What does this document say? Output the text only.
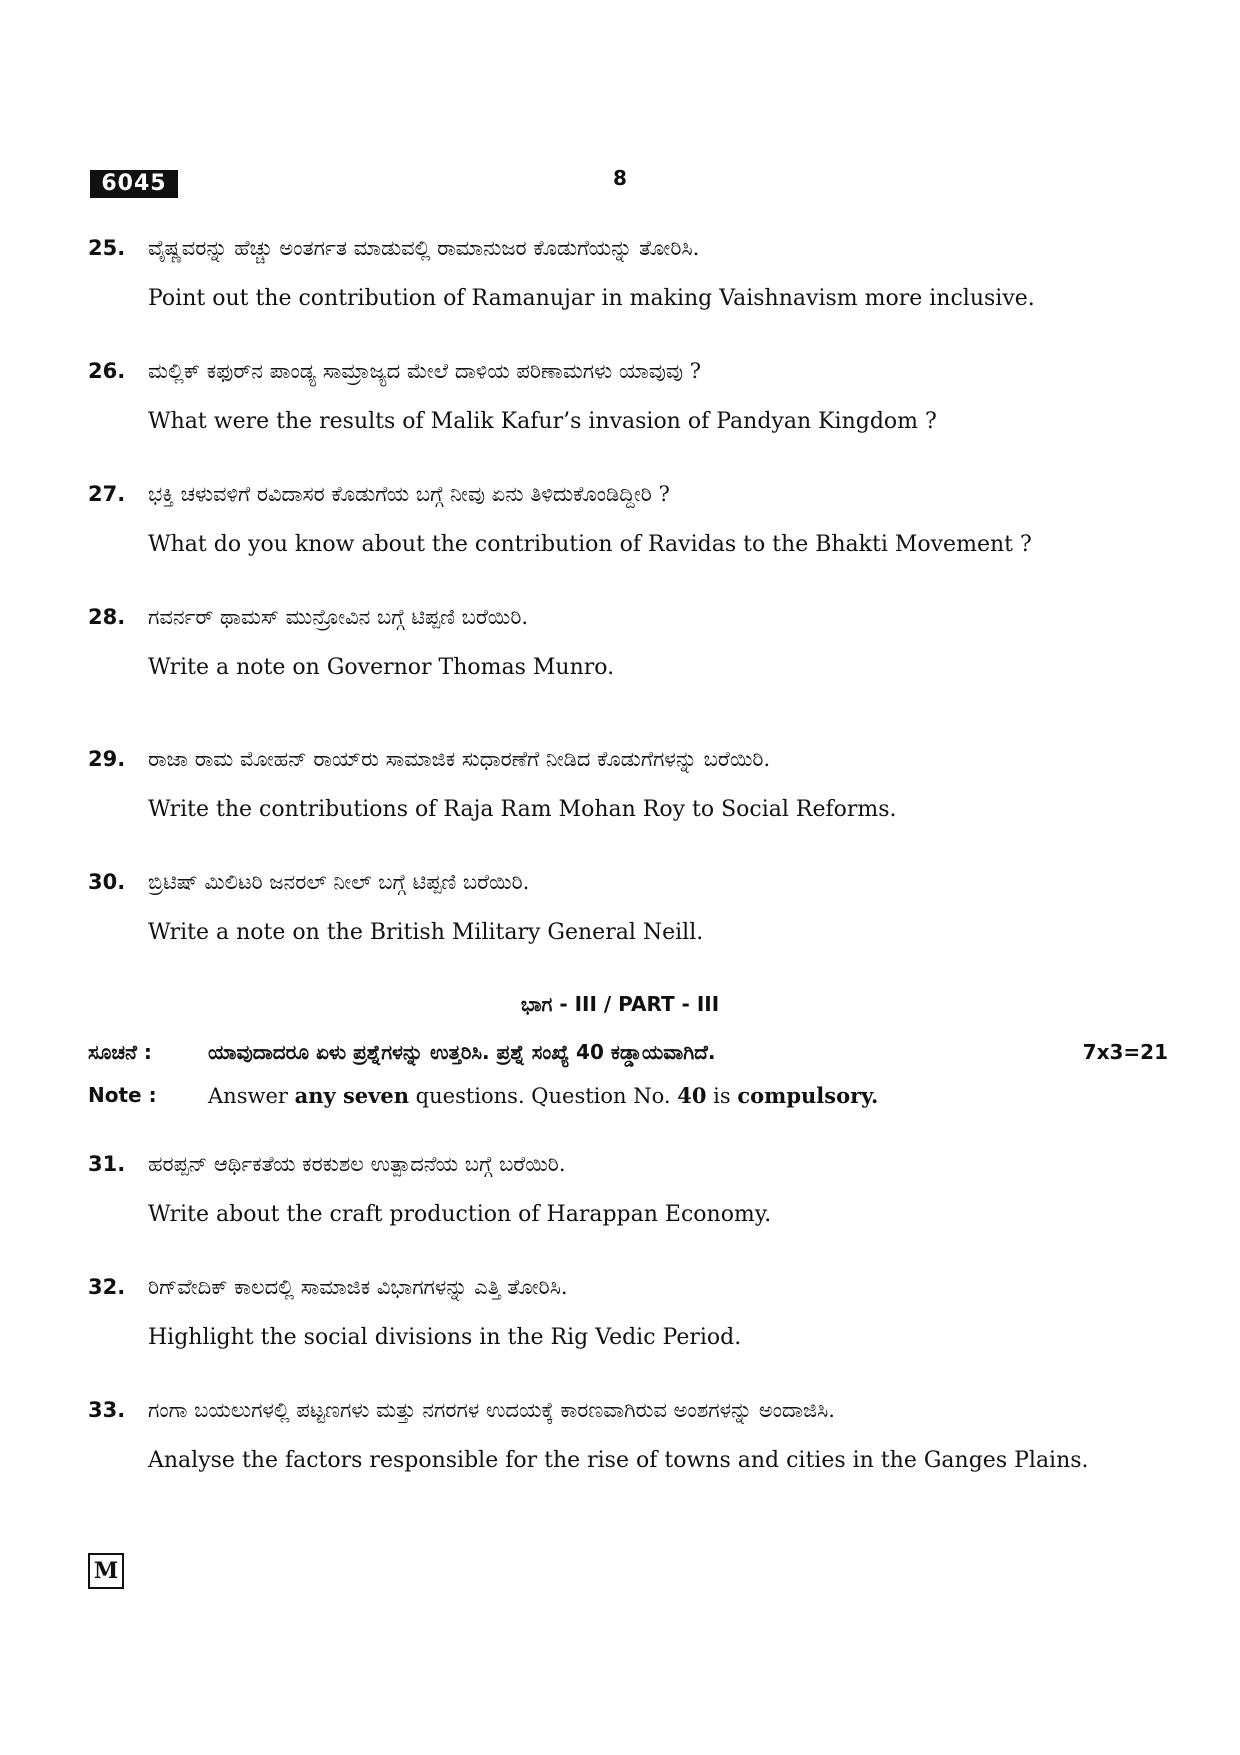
6045	8
25. ವೈಷ್ಣವರನ್ನು ಹೆಚ್ಚು ಅಂತರ್ಗತ ಮಾಡುವಲ್ಲಿ ರಾಮಾನುಜರ ಕೊಡುಗೆಯನ್ನು ತೋರಿಸಿ.
Point out the contribution of Ramanujar in making Vaishnavism more inclusive.
26. ಮಲ್ಲಿಕ್ ಕಫುರ್‌ನ ಪಾಂಡ್ಯ ಸಾಮ್ರಾಜ್ಯದ ಮೇಲೆ ದಾಳಿಯ ಪರಿಣಾಮಗಳು ಯಾವುವು ?
What were the results of Malik Kafur’s invasion of Pandyan Kingdom ?
27. ಭಕ್ತಿ ಚಳುವಳಿಗೆ ರವಿದಾಸರ ಕೊಡುಗೆಯ ಬಗ್ಗೆ ನೀವು ಏನು ತಿಳಿದುಕೊಂಡಿದ್ದೀರಿ ?
What do you know about the contribution of Ravidas to the Bhakti Movement ?
28. ಗವರ್ನರ್ ಥಾಮಸ್ ಮುನ್ರೋವಿನ ಬಗ್ಗೆ ಟಿಪ್ಪಣಿ ಬರೆಯಿರಿ.
Write a note on Governor Thomas Munro.
29. ರಾಜಾ ರಾಮ ಮೋಹನ್ ರಾಯ್‌ರು ಸಾಮಾಜಿಕ ಸುಧಾರಣೆಗೆ ನೀಡಿದ ಕೊಡುಗೆಗಳನ್ನು ಬರೆಯಿರಿ.
Write the contributions of Raja Ram Mohan Roy to Social Reforms.
30. ಬ್ರಿಟಿಷ್ ಮಿಲಿಟರಿ ಜನರಲ್ ನೀಲ್ ಬಗ್ಗೆ ಟಿಪ್ಪಣಿ ಬರೆಯಿರಿ.
Write a note on the British Military General Neill.
ಭಾಗ - III / PART - III
ಸೂಚನೆ :	ಯಾವುದಾದರೂ ಏಳು ಪ್ರಶ್ನೆಗಳನ್ನು ಉತ್ತರಿಸಿ. ಪ್ರಶ್ನೆ ಸಂಖ್ಯೆ 40 ಕಡ್ಡಾಯವಾಗಿದೆ.	7x3=21
Note : Answer any seven questions. Question No. 40 is compulsory.
31. ಹರಪ್ಪನ್ ಆರ್ಥಿಕತೆಯ ಕರಕುಶಲ ಉತ್ಪಾದನೆಯ ಬಗ್ಗೆ ಬರೆಯಿರಿ.
Write about the craft production of Harappan Economy.
32. ರಿಗ್‌ವೇದಿಕ್ ಕಾಲದಲ್ಲಿ ಸಾಮಾಜಿಕ ವಿಭಾಗಗಳನ್ನು ಎತ್ತಿ ತೋರಿಸಿ.
Highlight the social divisions in the Rig Vedic Period.
33. ಗಂಗಾ ಬಯಲುಗಳಲ್ಲಿ ಪಟ್ಟಣಗಳು ಮತ್ತು ನಗರಗಳ ಉದಯಕ್ಕೆ ಕಾರಣವಾಗಿರುವ ಅಂಶಗಳನ್ನು ಅಂದಾಜಿಸಿ.
Analyse the factors responsible for the rise of towns and cities in the Ganges Plains.
M
